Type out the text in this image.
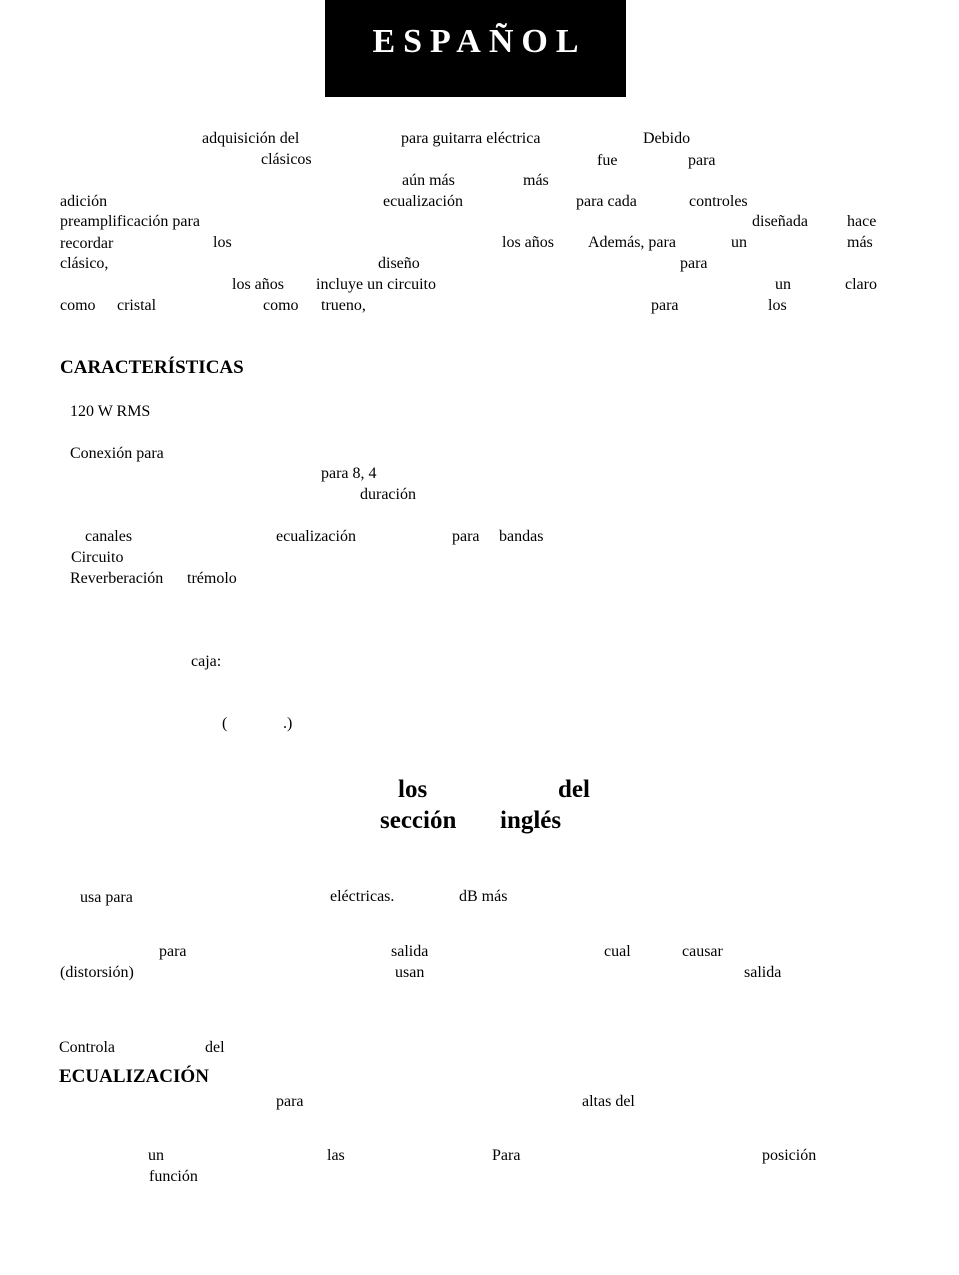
ESPAÑOL
adquisición del	para guitarra eléctrica	Debido
clásicos	fue	para
aún más	más
adición	ecualización	para cada	controles
preamplificación para	diseñada hace
recordar	los	los años Además, para	un	más
clásico,	diseño	para
los años incluye un circuito	un	claro
como cristal	como trueno,	para	los
CARACTERÍSTICAS
120 W RMS
Conexión para
para 8, 4
duración
canales	ecualización	para bandas
Circuito
Reverberación trémolo
caja:
(	.)
los	del
sección inglés
usa para	eléctricas.	dB más
para	salida	cual	causar
(distorsión)	usan	salida
Controla	del
ECUALIZACIÓN
para	altas del
un	las	Para	posición
función
